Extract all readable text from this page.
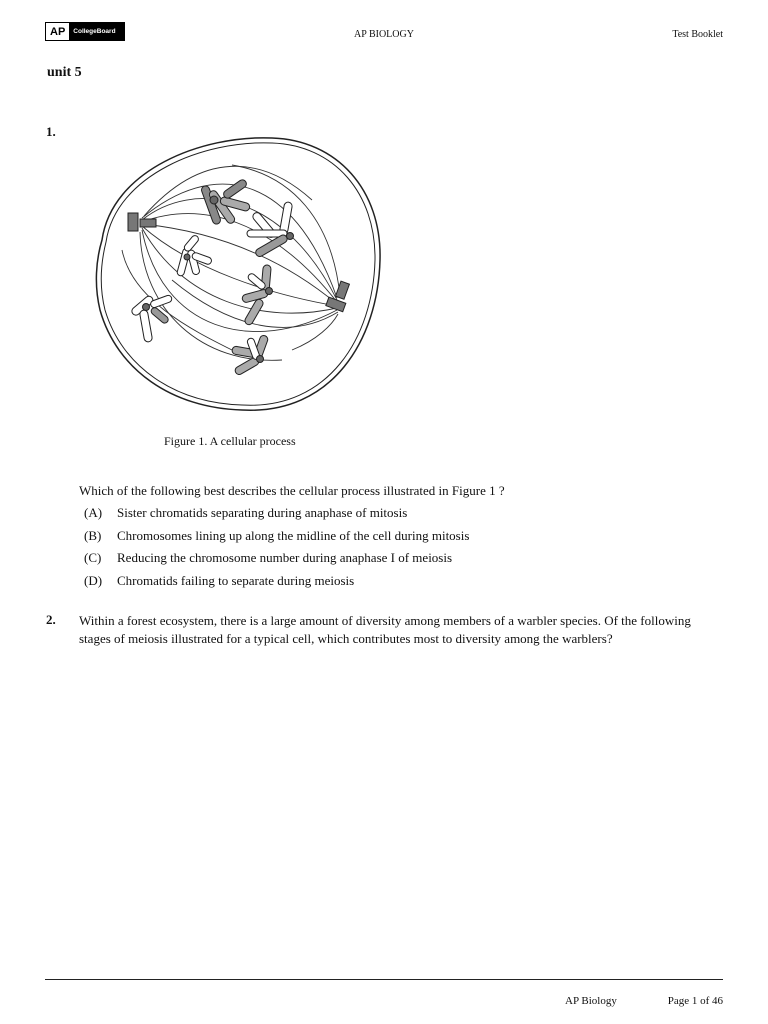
AP	CollegeBoard	AP BIOLOGY	Test Booklet
unit 5
1.
Figure 1. A cellular process
Which of the following best describes the cellular process illustrated in Figure 1 ?
(A)	Sister chromatids separating during anaphase of mitosis
(B)	Chromosomes lining up along the midline of the cell during mitosis
(C)	Reducing the chromosome number during anaphase I of meiosis
(D)	Chromatids failing to separate during meiosis
2. Within a forest ecosystem, there is a large amount of diversity among members of a warbler species. Of the following stages of meiosis illustrated for a typical cell, which contributes most to diversity among the warblers?
AP Biology	Page 1 of 46
